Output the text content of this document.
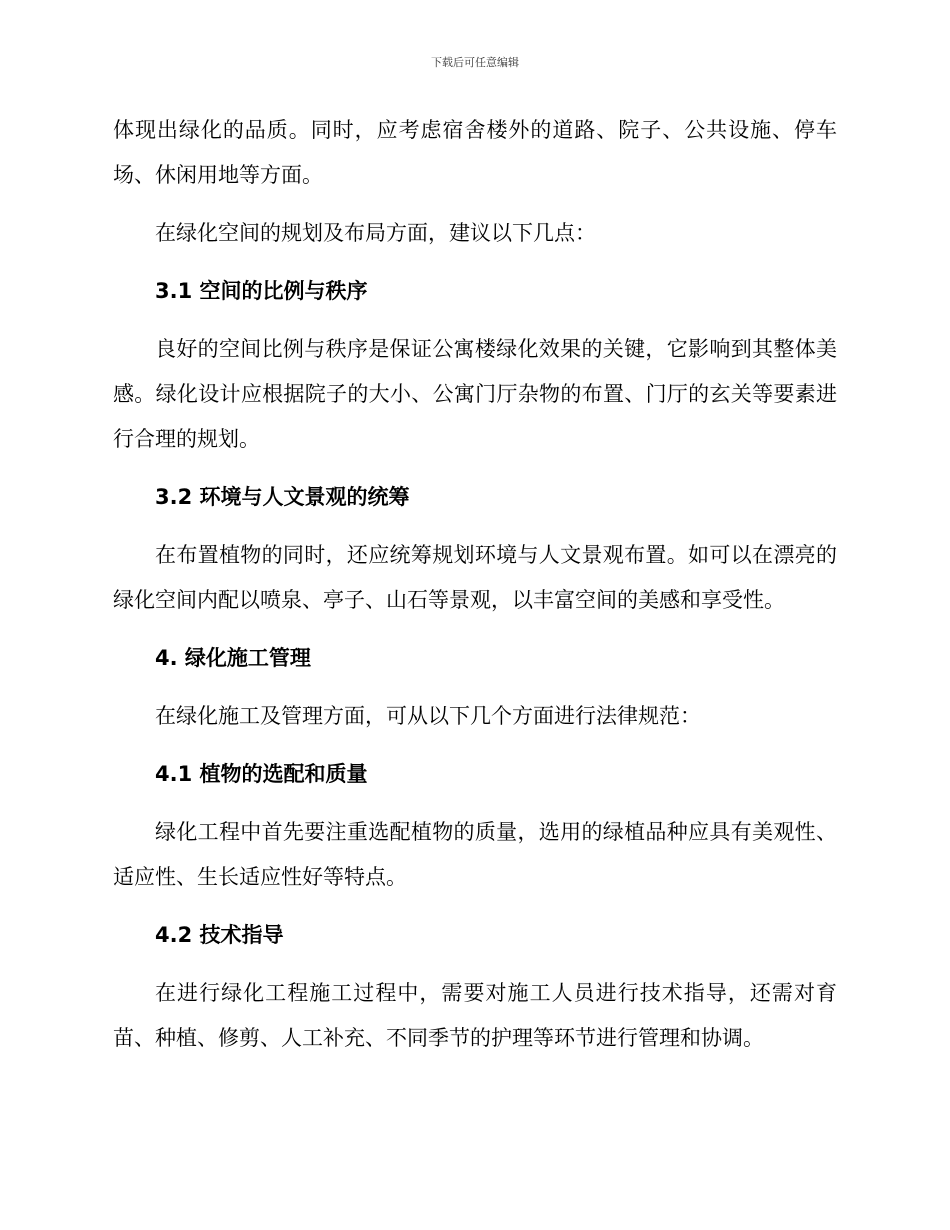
下载后可任意编辑

体现出绿化的品质。同时，应考虑宿舍楼外的道路、院子、公共设施、停车场、休闲用地等方面。

在绿化空间的规划及布局方面，建议以下几点：

3.1 空间的比例与秩序

良好的空间比例与秩序是保证公寓楼绿化效果的关键，它影响到其整体美感。绿化设计应根据院子的大小、公寓门厅杂物的布置、门厅的玄关等要素进行合理的规划。

3.2 环境与人文景观的统筹

在布置植物的同时，还应统筹规划环境与人文景观布置。如可以在漂亮的绿化空间内配以喷泉、亭子、山石等景观，以丰富空间的美感和享受性。

4. 绿化施工管理

在绿化施工及管理方面，可从以下几个方面进行法律规范：

4.1 植物的选配和质量

绿化工程中首先要注重选配植物的质量，选用的绿植品种应具有美观性、适应性、生长适应性好等特点。

4.2 技术指导

在进行绿化工程施工过程中，需要对施工人员进行技术指导，还需对育苗、种植、修剪、人工补充、不同季节的护理等环节进行管理和协调。
